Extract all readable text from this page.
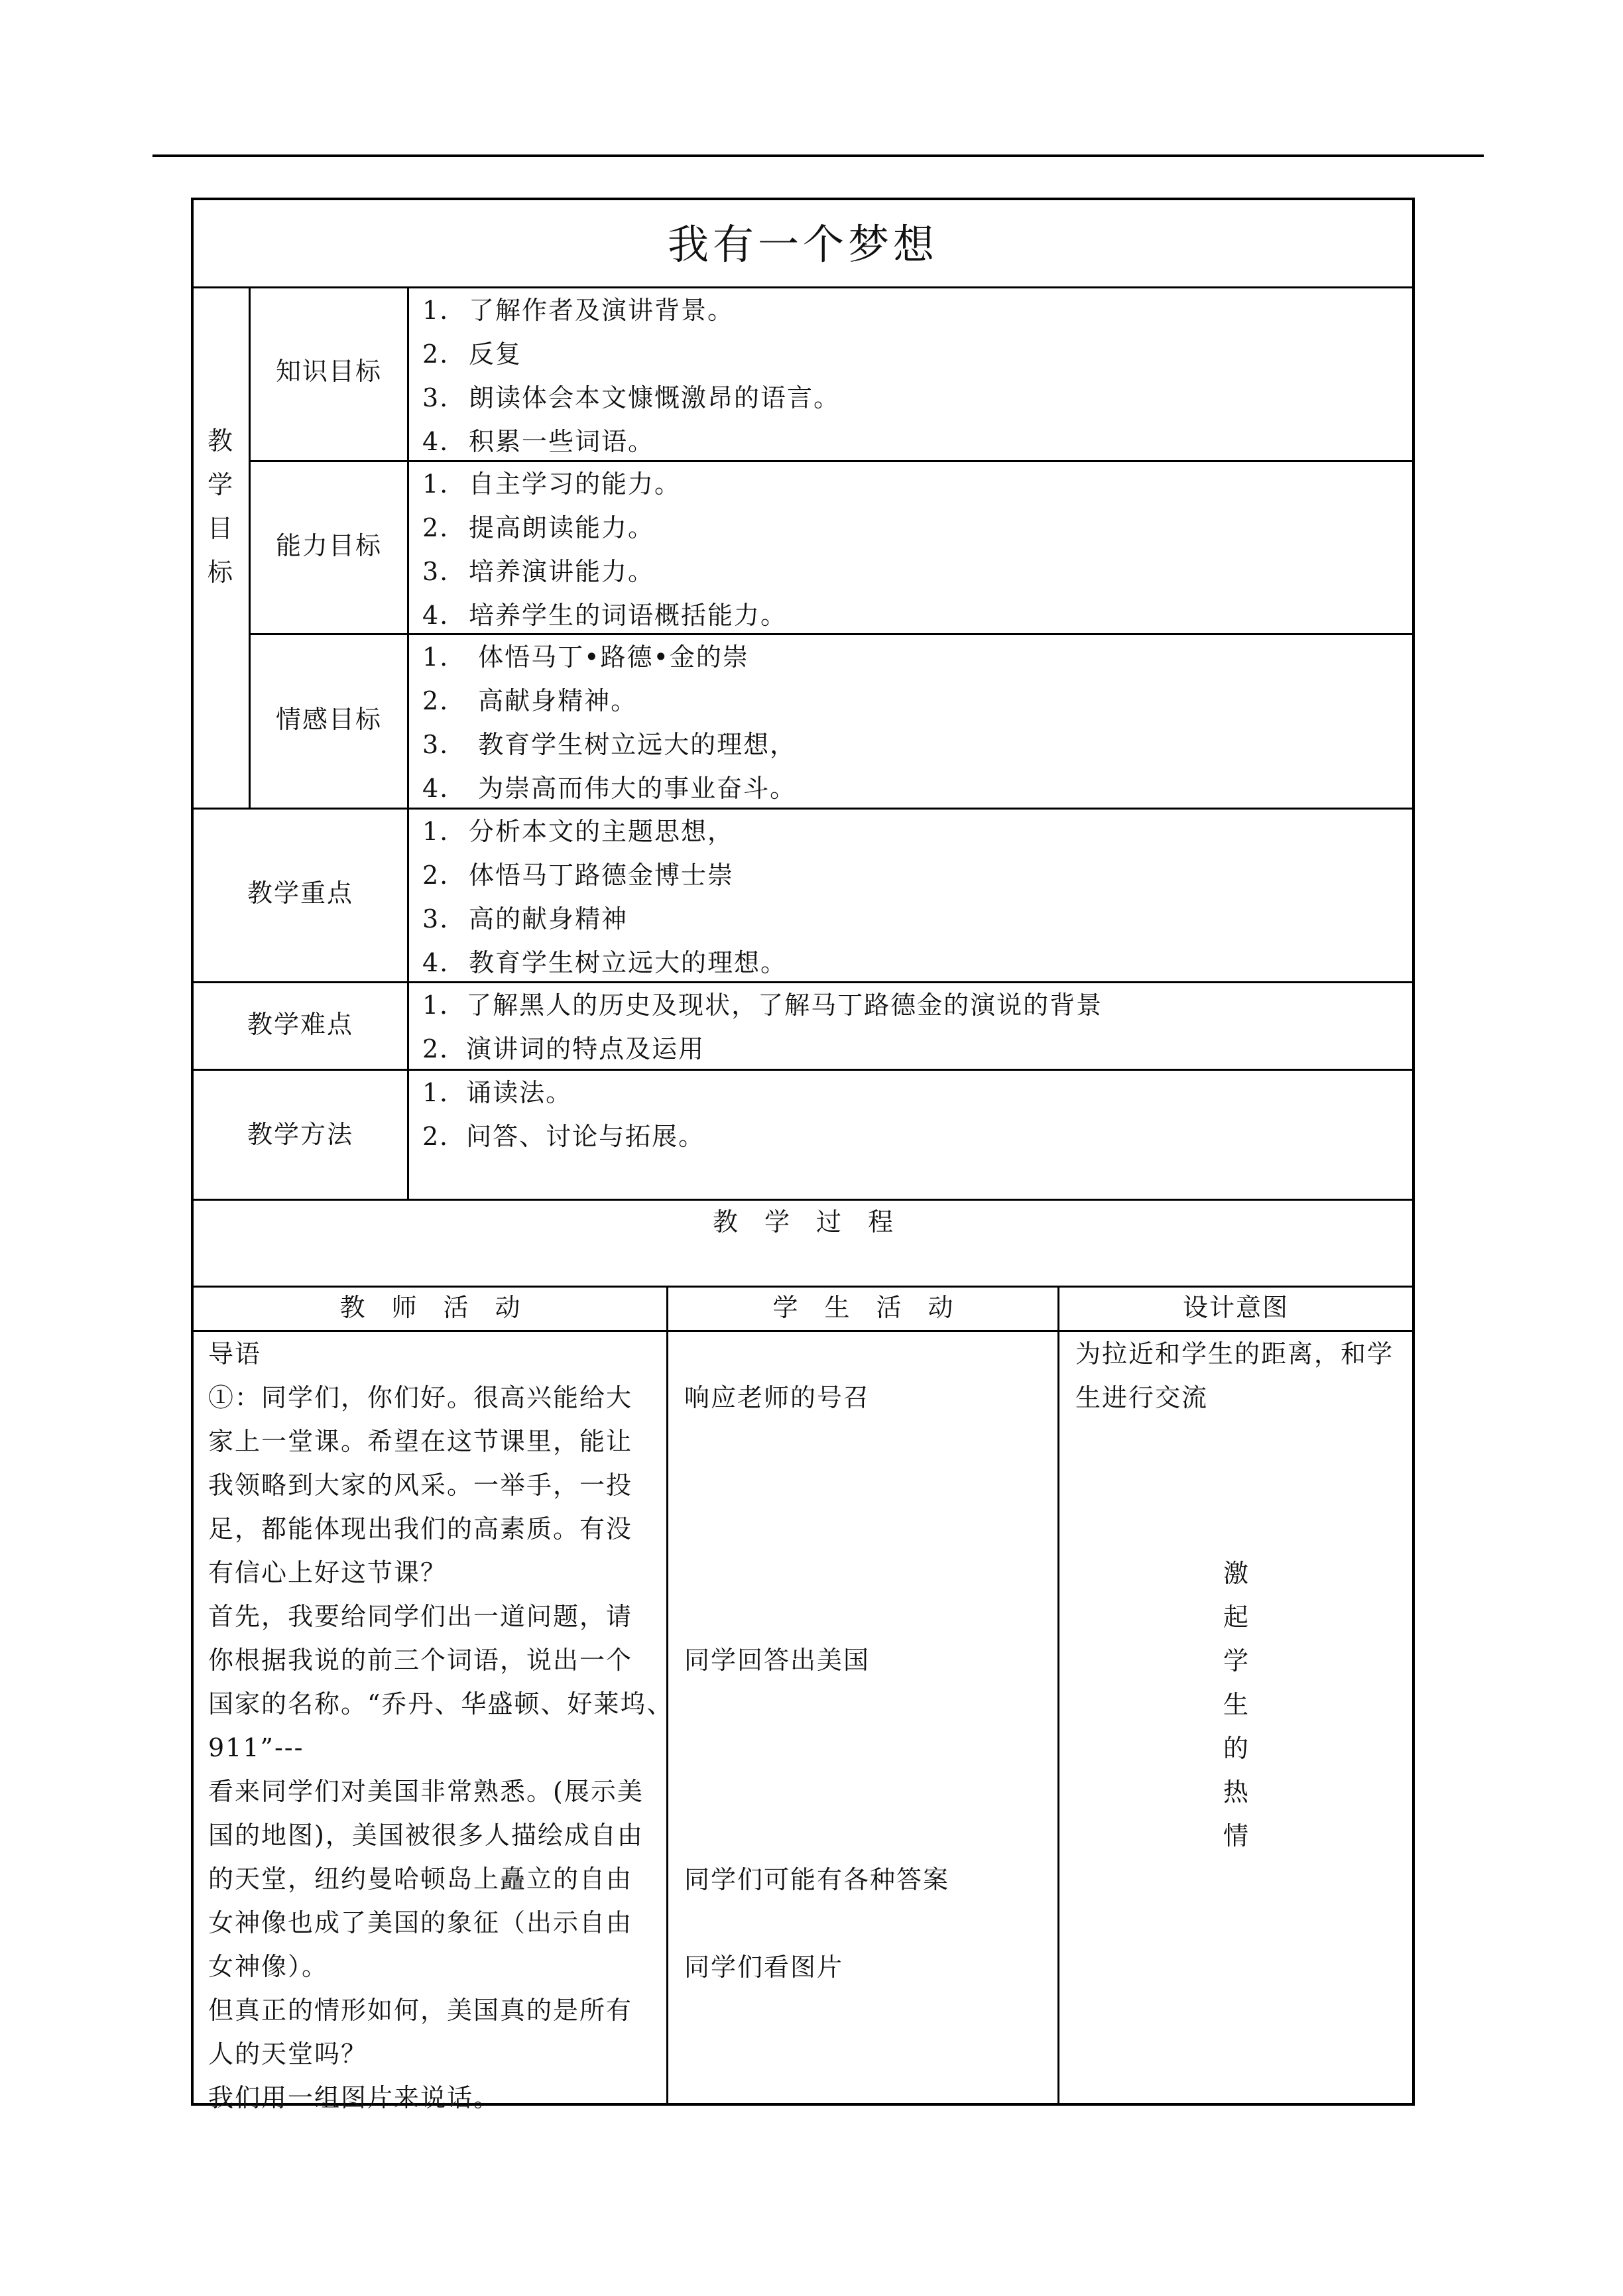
我有一个梦想
教
学
目
标
知识目标
1. 了解作者及演讲背景。
2. 反复
3. 朗读体会本文慷慨激昂的语言。
4. 积累一些词语。
能力目标
1. 自主学习的能力。
2. 提高朗读能力。
3. 培养演讲能力。
4. 培养学生的词语概括能力。
情感目标
1. 体悟马丁•路德•金的崇
2. 高献身精神。
3. 教育学生树立远大的理想，
4. 为崇高而伟大的事业奋斗。
教学重点
1. 分析本文的主题思想，
2. 体悟马丁路德金博士崇
3. 高的献身精神
4. 教育学生树立远大的理想。
教学难点
1．了解黑人的历史及现状，了解马丁路德金的演说的背景
2．演讲词的特点及运用
教学方法
1．诵读法。
2．问答、讨论与拓展。
教学过程
教师活动	学生活动	设计意图
导语
①：同学们，你们好。很高兴能给大
家上一堂课。希望在这节课里，能让
我领略到大家的风采。一举手，一投
足，都能体现出我们的高素质。有没
有信心上好这节课？
首先，我要给同学们出一道问题，请
你根据我说的前三个词语，说出一个
国家的名称。“乔丹、华盛顿、好莱坞、
911”---
看来同学们对美国非常熟悉。(展示美
国的地图)，美国被很多人描绘成自由
的天堂，纽约曼哈顿岛上矗立的自由
女神像也成了美国的象征（出示自由
女神像）。
但真正的情形如何，美国真的是所有
人的天堂吗？
我们用一组图片来说话。
响应老师的号召
同学回答出美国
同学们可能有各种答案
同学们看图片
为拉近和学生的距离，和学
生进行交流
激
起
学
生
的
热
情
